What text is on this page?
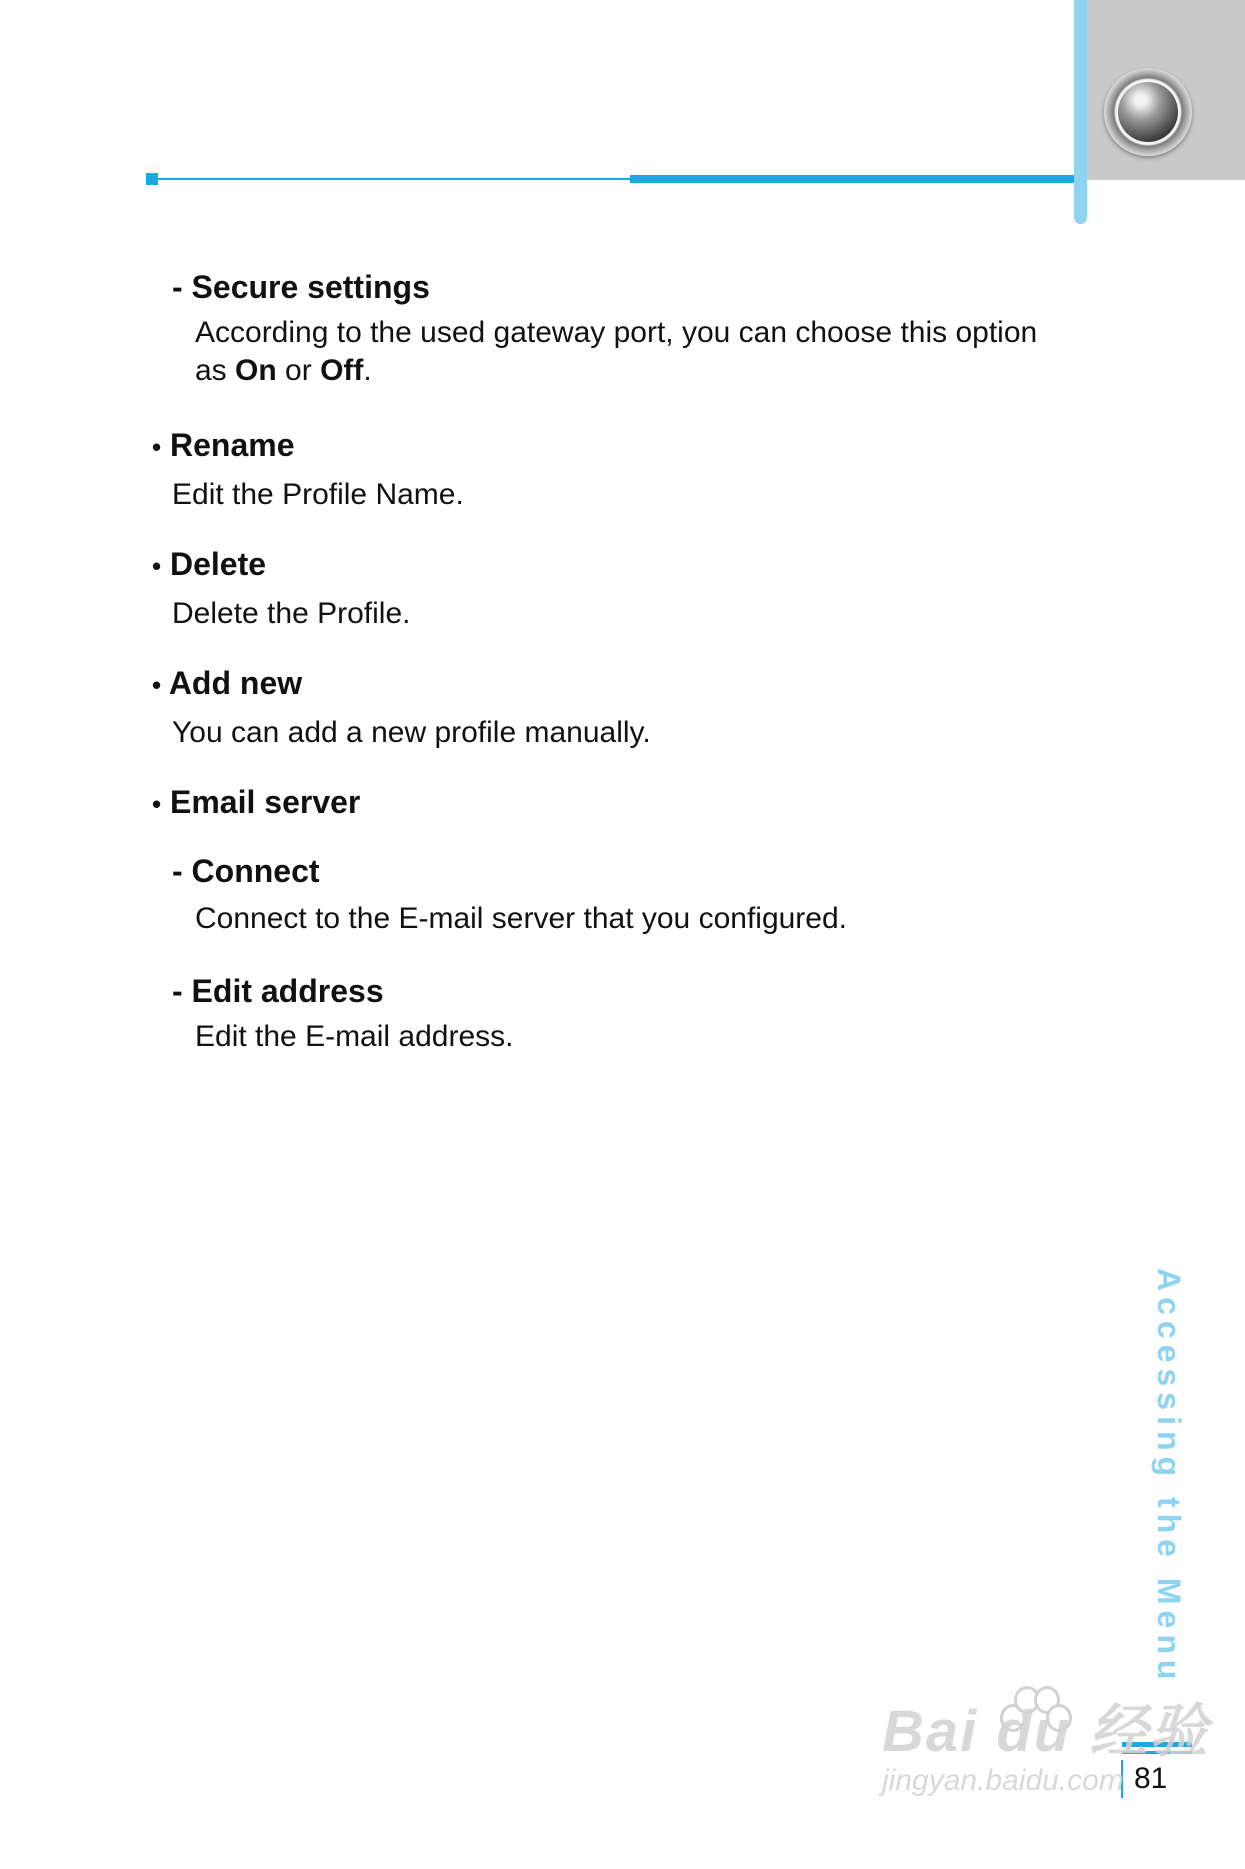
- Secure settings
According to the used gateway port, you can choose this option
as On or Off.
• Rename
Edit the Profile Name.
• Delete
Delete the Profile.
• Add new
You can add a new profile manually.
• Email server
- Connect
Connect to the E-mail server that you configured.
- Edit address
Edit the E-mail address.
Accessing the Menu
81
Bai du 经验
jingyan.baidu.com
